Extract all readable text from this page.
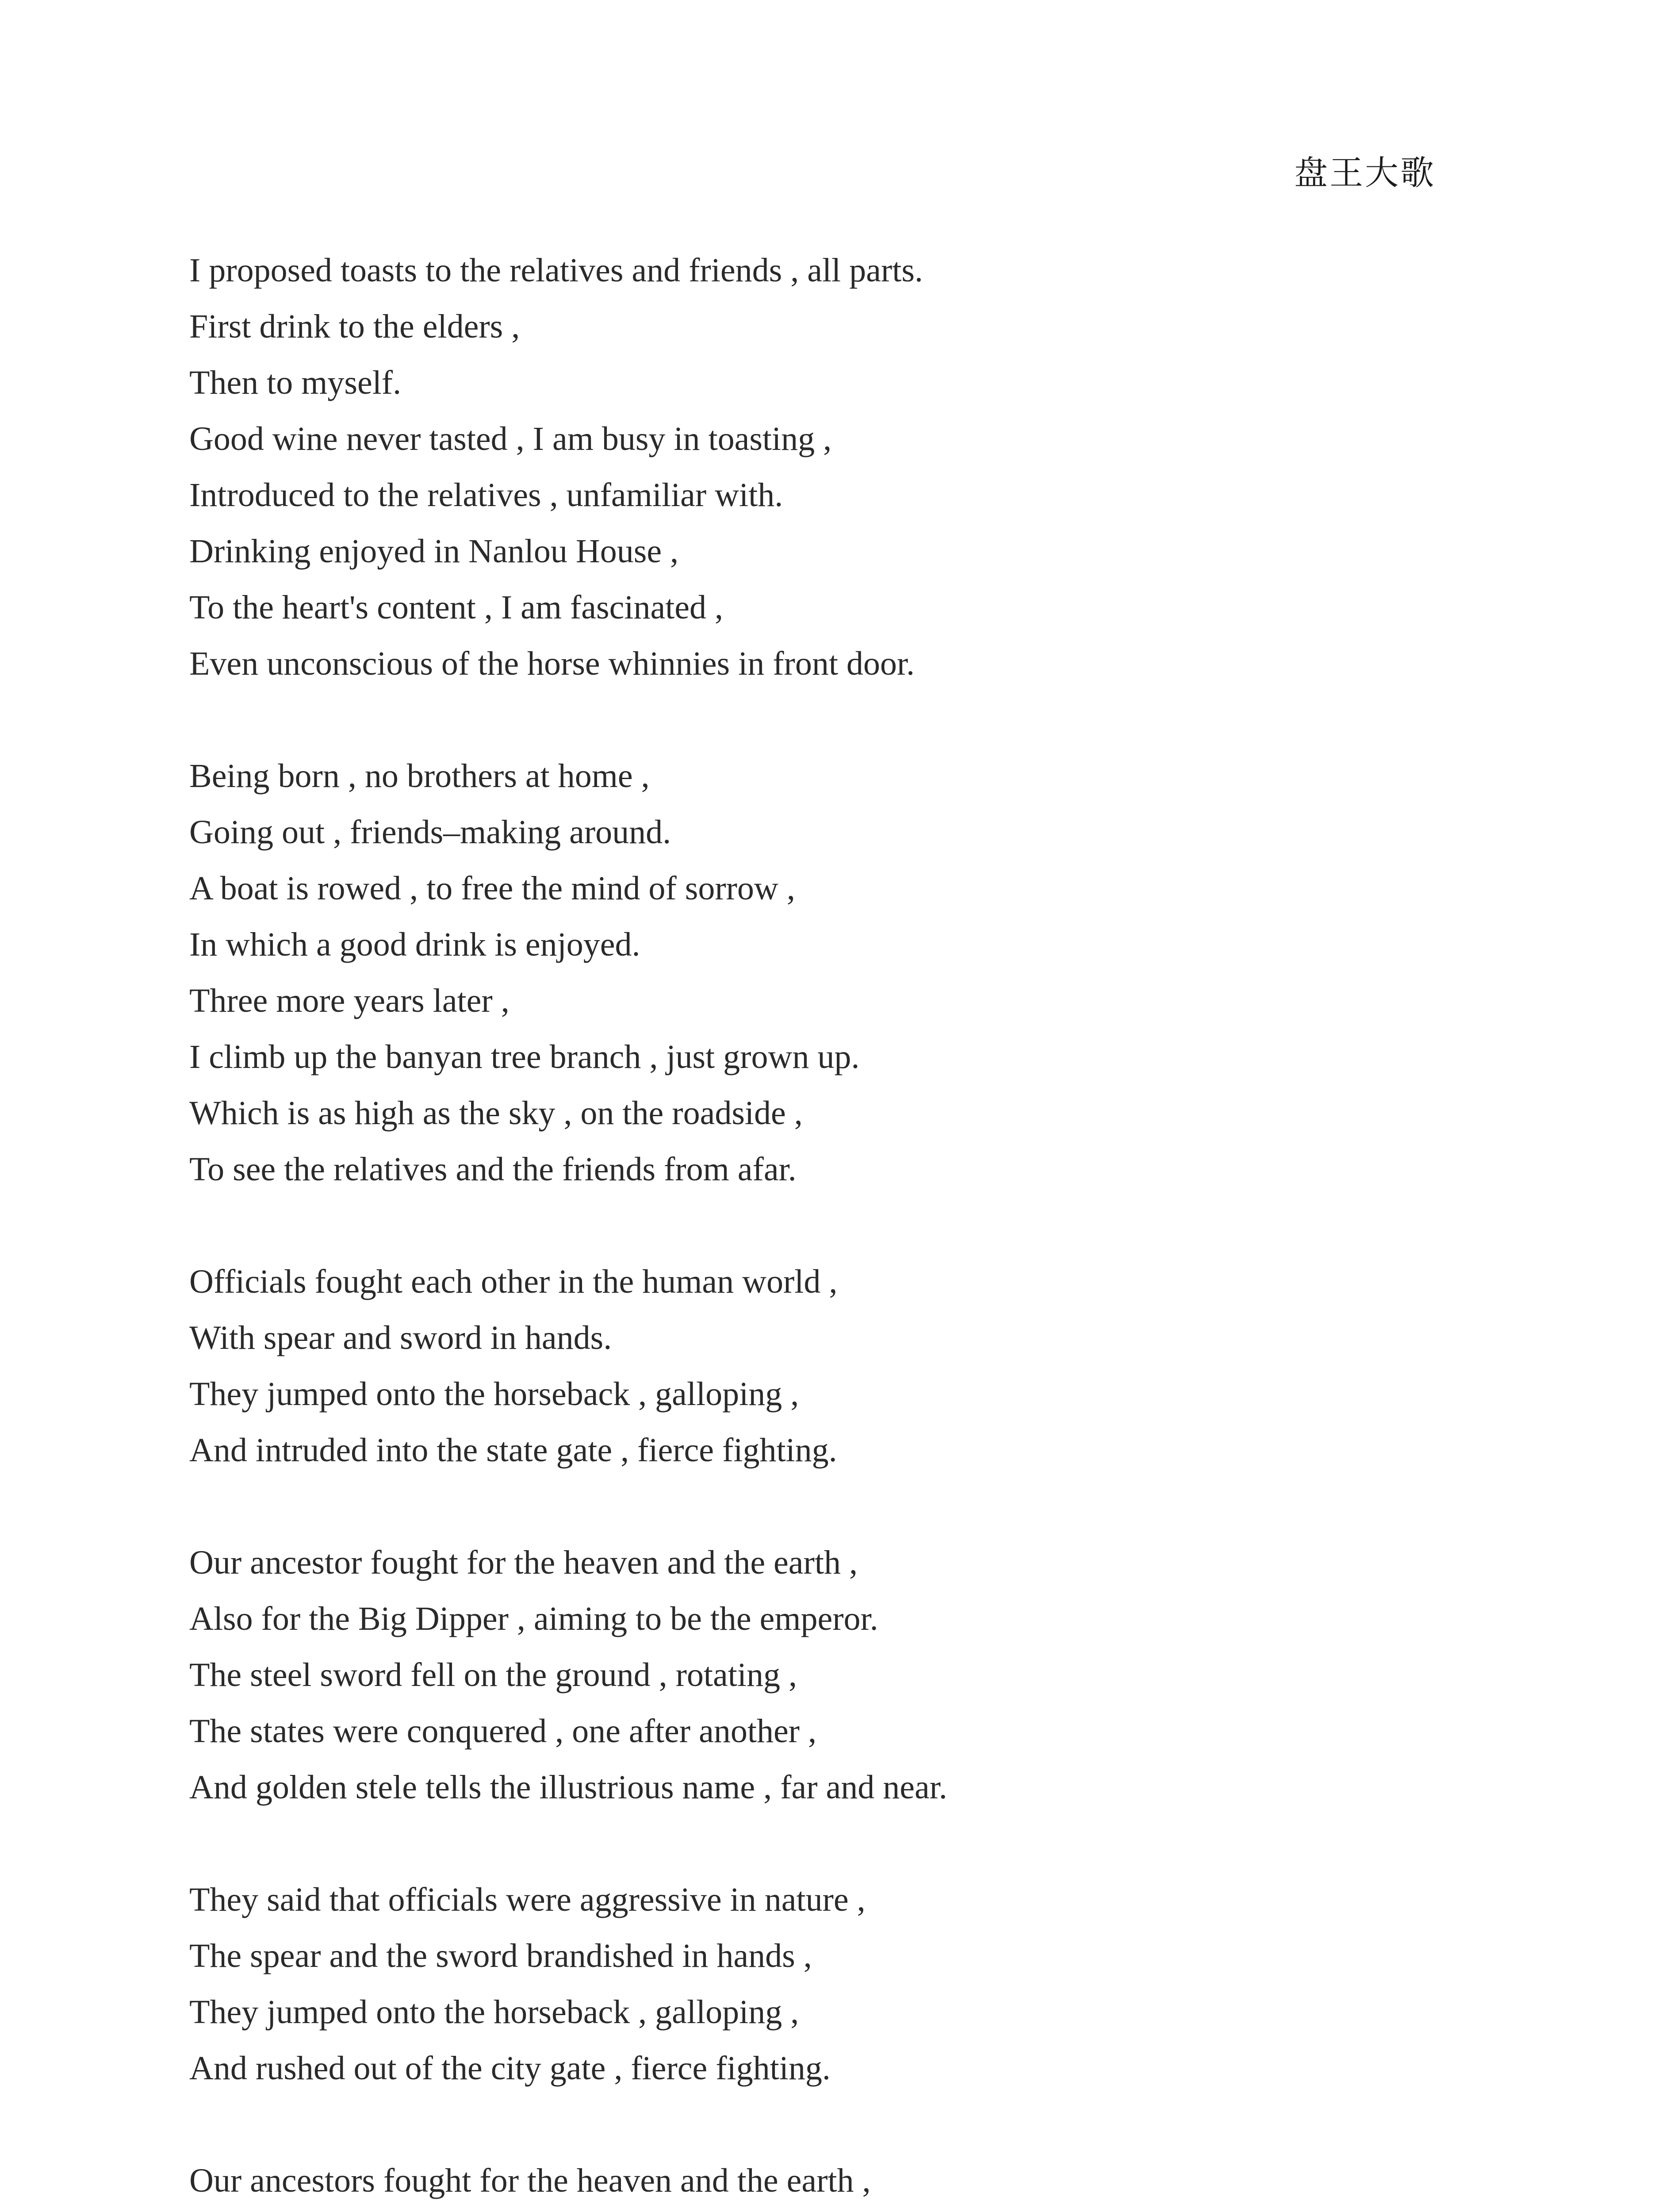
盘王大歌
I proposed toasts to the relatives and friends , all parts.
First drink to the elders ,
Then to myself.
Good wine never tasted , I am busy in toasting ,
Introduced to the relatives , unfamiliar with.
Drinking enjoyed in Nanlou House ,
To the heart's content , I am fascinated ,
Even unconscious of the horse whinnies in front door.
Being born , no brothers at home ,
Going out , friends–making around.
A boat is rowed , to free the mind of sorrow ,
In which a good drink is enjoyed.
Three more years later ,
I climb up the banyan tree branch , just grown up.
Which is as high as the sky , on the roadside ,
To see the relatives and the friends from afar.
Officials fought each other in the human world ,
With spear and sword in hands.
They jumped onto the horseback , galloping ,
And intruded into the state gate , fierce fighting.
Our ancestor fought for the heaven and the earth ,
Also for the Big Dipper , aiming to be the emperor.
The steel sword fell on the ground , rotating ,
The states were conquered , one after another ,
And golden stele tells the illustrious name , far and near.
They said that officials were aggressive in nature ,
The spear and the sword brandished in hands ,
They jumped onto the horseback , galloping ,
And rushed out of the city gate , fierce fighting.
Our ancestors fought for the heaven and the earth ,
